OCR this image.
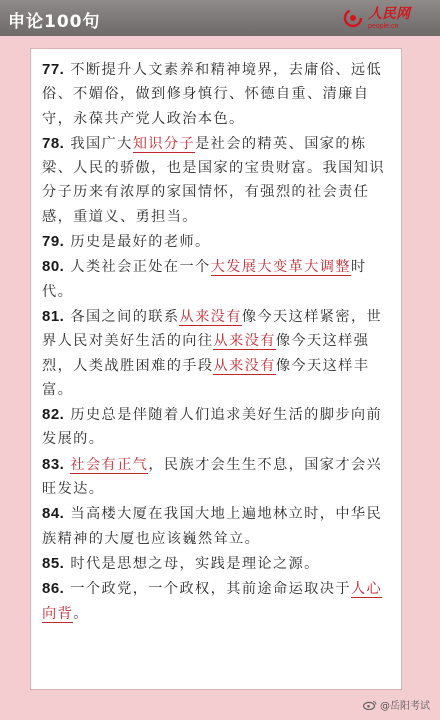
申论100句	人民网
people.cn
77. 不断提升人文素养和精神境界，去庸俗、远低俗、不媚俗，做到修身慎行、怀德自重、清廉自守，永葆共产党人政治本色。
78. 我国广大知识分子是社会的精英、国家的栋梁、人民的骄傲，也是国家的宝贵财富。我国知识分子历来有浓厚的家国情怀，有强烈的社会责任感，重道义、勇担当。
79. 历史是最好的老师。
80. 人类社会正处在一个大发展大变革大调整时代。
81. 各国之间的联系从来没有像今天这样紧密，世界人民对美好生活的向往从来没有像今天这样强烈，人类战胜困难的手段从来没有像今天这样丰富。
82. 历史总是伴随着人们追求美好生活的脚步向前发展的。
83. 社会有正气，民族才会生生不息，国家才会兴旺发达。
84. 当高楼大厦在我国大地上遍地林立时，中华民族精神的大厦也应该巍然耸立。
85. 时代是思想之母，实践是理论之源。
86. 一个政党，一个政权，其前途命运取决于人心向背。
@岳阳考试
